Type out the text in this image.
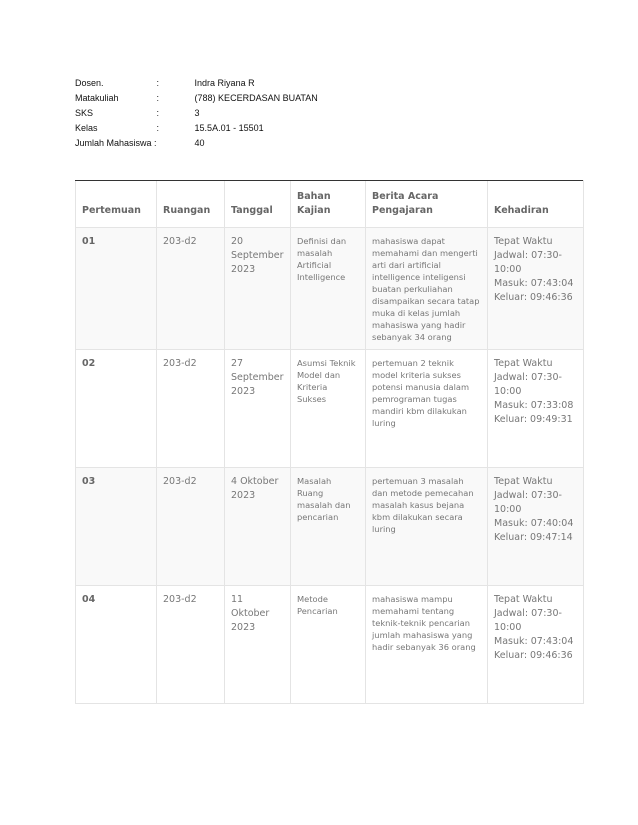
Dosen.	:	Indra Riyana R
Matakuliah	:	(788) KECERDASAN BUATAN
SKS	:	3
Kelas	:	15.5A.01 - 15501
Jumlah Mahasiswa :		40
Pertemuan	Ruangan	Tanggal	Bahan Kajian	Berita Acara Pengajaran	Kehadiran
01	203-d2	20 September 2023	Definisi dan masalah Artificial Intelligence	mahasiswa dapat memahami dan mengerti arti dari artificial intelligence inteligensi buatan perkuliahan disampaikan secara tatap muka di kelas jumlah mahasiswa yang hadir sebanyak 34 orang	Tepat Waktu
Jadwal: 07:30-10:00
Masuk: 07:43:04
Keluar: 09:46:36

02	203-d2	27 September 2023	Asumsi Teknik Model dan Kriteria Sukses	pertemuan 2 teknik model kriteria sukses potensi manusia dalam pemrograman tugas mandiri kbm dilakukan luring	Tepat Waktu
Jadwal: 07:30-10:00
Masuk: 07:33:08
Keluar: 09:49:31

03	203-d2	4 Oktober 2023	Masalah Ruang masalah dan pencarian	pertemuan 3 masalah dan metode pemecahan masalah kasus bejana kbm dilakukan secara luring	Tepat Waktu
Jadwal: 07:30-10:00
Masuk: 07:40:04
Keluar: 09:47:14

04	203-d2	11 Oktober 2023	Metode Pencarian	mahasiswa mampu memahami tentang teknik-teknik pencarian jumlah mahasiswa yang hadir sebanyak 36 orang	Tepat Waktu
Jadwal: 07:30-10:00
Masuk: 07:43:04
Keluar: 09:46:36
